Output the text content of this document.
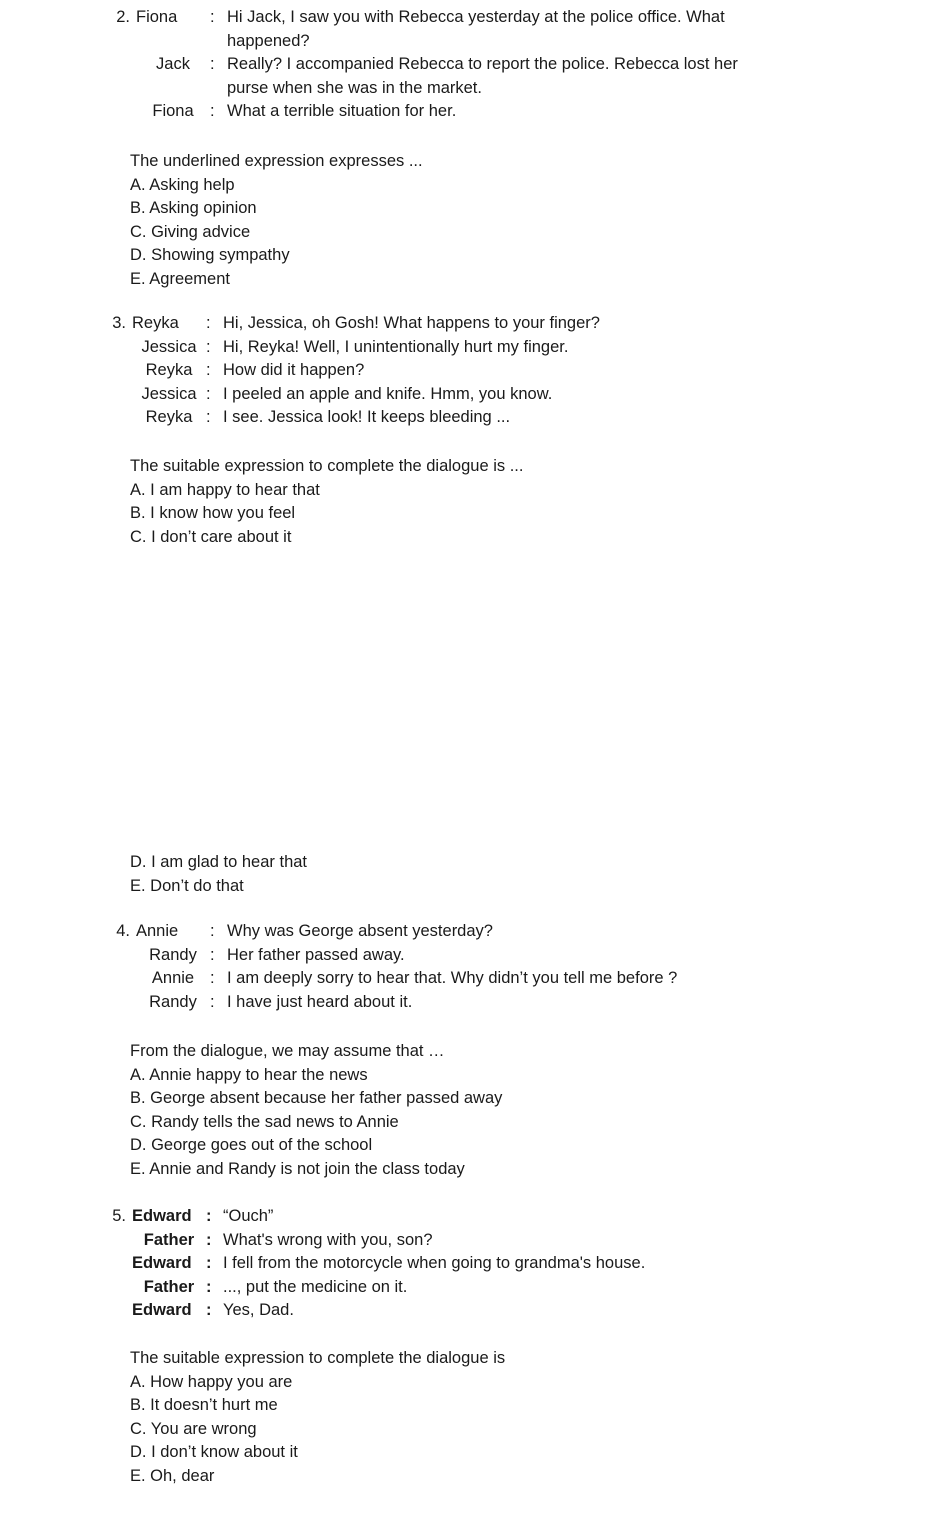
2.	Fiona	:	Hi Jack, I saw you with Rebecca yesterday at the police office. What
happened?
	Jack	:	Really? I accompanied Rebecca to report the police. Rebecca lost her
purse when she was in the market.
	Fiona	:	What a terrible situation for her.
The underlined expression expresses ...
A. Asking help
B. Asking opinion
C. Giving advice
D. Showing sympathy
E. Agreement
3.	Reyka	:	Hi, Jessica, oh Gosh! What happens to your finger?
	Jessica	:	Hi, Reyka! Well, I unintentionally hurt my finger.
	Reyka	:	How did it happen?
	Jessica	:	I peeled an apple and knife. Hmm, you know.
	Reyka	:	I see. Jessica look! It keeps bleeding ...
The suitable expression to complete the dialogue is ...
A. I am happy to hear that
B. I know how you feel
C. I don’t care about it
D. I am glad to hear that
E. Don’t do that
4.	Annie	:	Why was George absent yesterday?
	Randy	:	Her father passed away.
	Annie	:	I am deeply sorry to hear that. Why didn’t you tell me before ?
	Randy	:	I have just heard about it.
From the dialogue, we may assume that …
A. Annie happy to hear the news
B. George absent because her father passed away
C. Randy tells the sad news to Annie
D. George goes out of the school
E. Annie and Randy is not join the class today
5.	Edward	:	“Ouch”
	Father	:	What's wrong with you, son?
	Edward	:	I fell from the motorcycle when going to grandma's house.
	Father	:	..., put the medicine on it.
	Edward	:	Yes, Dad.
The suitable expression to complete the dialogue is
A. How happy you are
B. It doesn’t hurt me
C. You are wrong
D. I don’t know about it
E. Oh, dear
